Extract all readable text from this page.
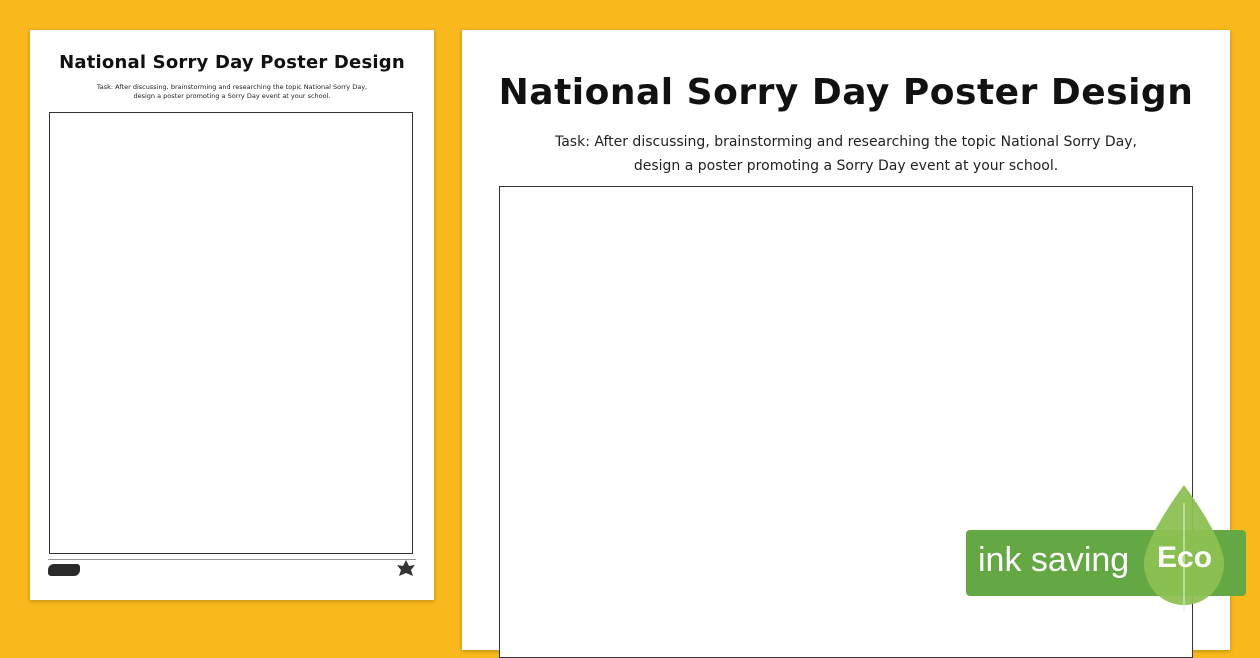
National Sorry Day Poster Design
Task: After discussing, brainstorming and researching the topic National Sorry Day,
design a poster promoting a Sorry Day event at your school.	National Sorry Day Poster Design
Task: After discussing, brainstorming and researching the topic National Sorry Day,
design a poster promoting a Sorry Day event at your school.
ink saving Eco
